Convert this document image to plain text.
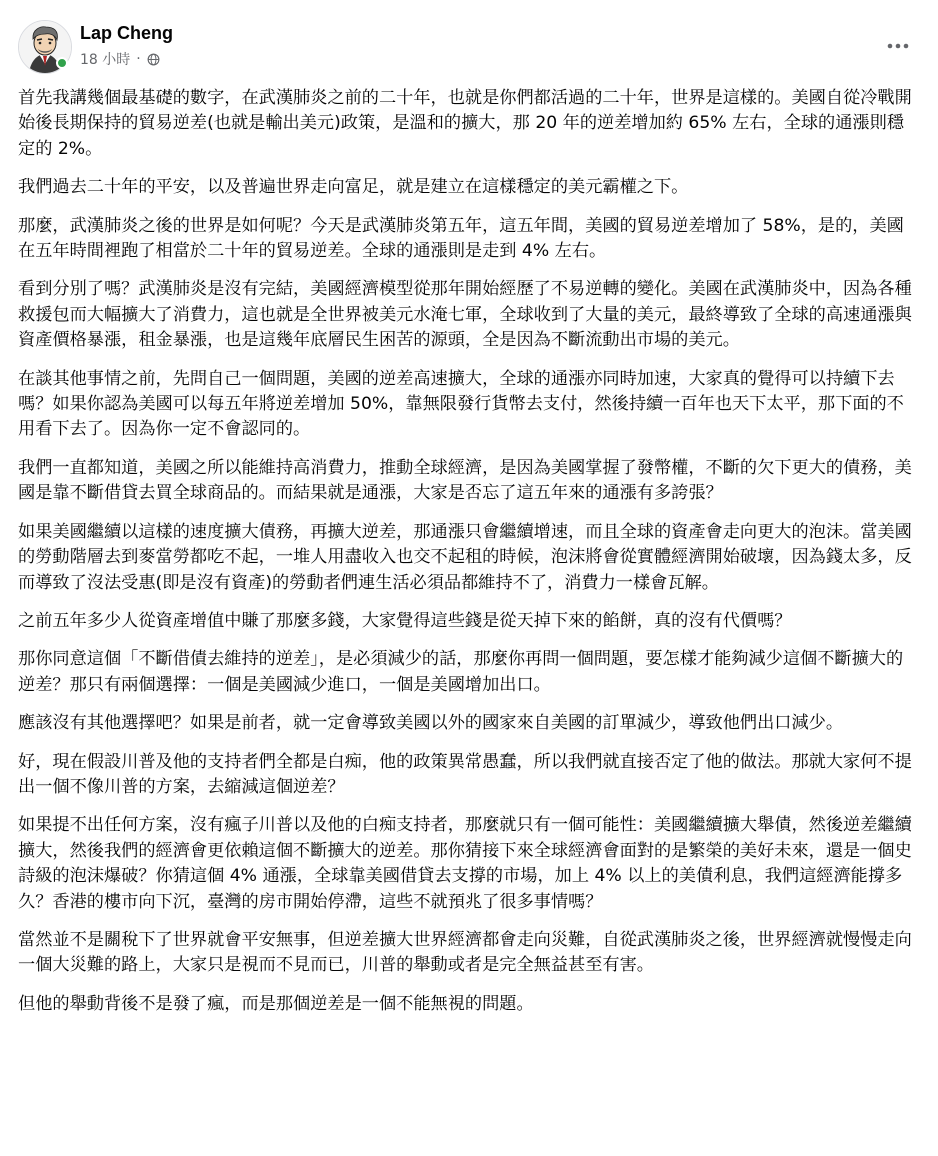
Lap Cheng
18 小時 ·

首先我講幾個最基礎的數字，在武漢肺炎之前的二十年，也就是你們都活過的二十年，世界是這樣的。美國自從冷戰開始後長期保持的貿易逆差(也就是輸出美元)政策，是溫和的擴大，那 20 年的逆差增加約 65% 左右，全球的通漲則穩定的 2%。

我們過去二十年的平安，以及普遍世界走向富足，就是建立在這樣穩定的美元霸權之下。

那麼，武漢肺炎之後的世界是如何呢？今天是武漢肺炎第五年，這五年間，美國的貿易逆差增加了 58%，是的，美國在五年時間裡跑了相當於二十年的貿易逆差。全球的通漲則是走到 4% 左右。

看到分別了嗎？武漢肺炎是沒有完結，美國經濟模型從那年開始經歷了不易逆轉的變化。美國在武漢肺炎中，因為各種救援包而大幅擴大了消費力，這也就是全世界被美元水淹七軍，全球收到了大量的美元，最終導致了全球的高速通漲與資產價格暴漲，租金暴漲，也是這幾年底層民生困苦的源頭，全是因為不斷流動出市場的美元。

在談其他事情之前，先問自己一個問題，美國的逆差高速擴大，全球的通漲亦同時加速，大家真的覺得可以持續下去嗎？如果你認為美國可以每五年將逆差增加 50%，靠無限發行貨幣去支付，然後持續一百年也天下太平，那下面的不用看下去了。因為你一定不會認同的。

我們一直都知道，美國之所以能維持高消費力，推動全球經濟，是因為美國掌握了發幣權，不斷的欠下更大的債務，美國是靠不斷借貸去買全球商品的。而結果就是通漲，大家是否忘了這五年來的通漲有多誇張？

如果美國繼續以這樣的速度擴大債務，再擴大逆差，那通漲只會繼續增速，而且全球的資產會走向更大的泡沫。當美國的勞動階層去到麥當勞都吃不起，一堆人用盡收入也交不起租的時候，泡沫將會從實體經濟開始破壞，因為錢太多，反而導致了沒法受惠(即是沒有資產)的勞動者們連生活必須品都維持不了，消費力一樣會瓦解。

之前五年多少人從資產增值中賺了那麼多錢，大家覺得這些錢是從天掉下來的餡餅，真的沒有代價嗎？

那你同意這個「不斷借債去維持的逆差」，是必須減少的話，那麼你再問一個問題，要怎樣才能夠減少這個不斷擴大的逆差？那只有兩個選擇：一個是美國減少進口，一個是美國增加出口。

應該沒有其他選擇吧？如果是前者，就一定會導致美國以外的國家來自美國的訂單減少，導致他們出口減少。

好，現在假設川普及他的支持者們全都是白痴，他的政策異常愚蠢，所以我們就直接否定了他的做法。那就大家何不提出一個不像川普的方案，去縮減這個逆差？

如果提不出任何方案，沒有瘋子川普以及他的白痴支持者，那麼就只有一個可能性：美國繼續擴大舉債，然後逆差繼續擴大，然後我們的經濟會更依賴這個不斷擴大的逆差。那你猜接下來全球經濟會面對的是繁榮的美好未來，還是一個史詩級的泡沫爆破？你猜這個 4% 通漲，全球靠美國借貸去支撐的市場，加上 4% 以上的美債利息，我們這經濟能撐多久？香港的樓市向下沉，臺灣的房市開始停滯，這些不就預兆了很多事情嗎？

當然並不是關稅下了世界就會平安無事，但逆差擴大世界經濟都會走向災難，自從武漢肺炎之後，世界經濟就慢慢走向一個大災難的路上，大家只是視而不見而已，川普的舉動或者是完全無益甚至有害。

但他的舉動背後不是發了瘋，而是那個逆差是一個不能無視的問題。
